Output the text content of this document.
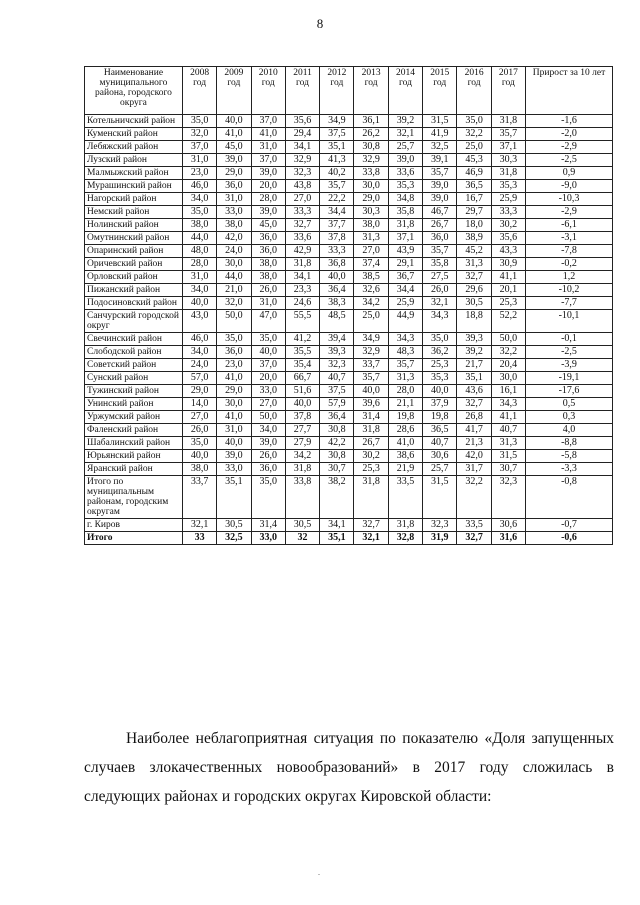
8
Наименование муниципального района, городского округа	2008 год	2009 год	2010 год	2011 год	2012 год	2013 год	2014 год	2015 год	2016 год	2017 год	Прирост за 10 лет
Котельничский район	35,0	40,0	37,0	35,6	34,9	36,1	39,2	31,5	35,0	31,8	-1,6
Куменский район	32,0	41,0	41,0	29,4	37,5	26,2	32,1	41,9	32,2	35,7	-2,0
Лебяжский район	37,0	45,0	31,0	34,1	35,1	30,8	25,7	32,5	25,0	37,1	-2,9
Лузский район	31,0	39,0	37,0	32,9	41,3	32,9	39,0	39,1	45,3	30,3	-2,5
Малмыжский район	23,0	29,0	39,0	32,3	40,2	33,8	33,6	35,7	46,9	31,8	0,9
Мурашинский район	46,0	36,0	20,0	43,8	35,7	30,0	35,3	39,0	36,5	35,3	-9,0
Нагорский район	34,0	31,0	28,0	27,0	22,2	29,0	34,8	39,0	16,7	25,9	-10,3
Немский район	35,0	33,0	39,0	33,3	34,4	30,3	35,8	46,7	29,7	33,3	-2,9
Нолинский район	38,0	38,0	45,0	32,7	37,7	38,0	31,8	26,7	18,0	30,2	-6,1
Омутнинский район	44,0	42,0	36,0	33,6	37,8	31,3	37,1	36,0	38,9	35,6	-3,1
Опаринский район	48,0	24,0	36,0	42,9	33,3	27,0	43,9	35,7	45,2	43,3	-7,8
Оричевский район	28,0	30,0	38,0	31,8	36,8	37,4	29,1	35,8	31,3	30,9	-0,2
Орловский район	31,0	44,0	38,0	34,1	40,0	38,5	36,7	27,5	32,7	41,1	1,2
Пижанский район	34,0	21,0	26,0	23,3	36,4	32,6	34,4	26,0	29,6	20,1	-10,2
Подосиновский район	40,0	32,0	31,0	24,6	38,3	34,2	25,9	32,1	30,5	25,3	-7,7
Санчурский городской округ	43,0	50,0	47,0	55,5	48,5	25,0	44,9	34,3	18,8	52,2	-10,1
Свечинский район	46,0	35,0	35,0	41,2	39,4	34,9	34,3	35,0	39,3	50,0	-0,1
Слободской район	34,0	36,0	40,0	35,5	39,3	32,9	48,3	36,2	39,2	32,2	-2,5
Советский район	24,0	23,0	37,0	35,4	32,3	33,7	35,7	25,3	21,7	20,4	-3,9
Сунский район	57,0	41,0	20,0	66,7	40,7	35,7	31,3	35,3	35,1	30,0	-19,1
Тужинский район	29,0	29,0	33,0	51,6	37,5	40,0	28,0	40,0	43,6	16,1	-17,6
Унинский район	14,0	30,0	27,0	40,0	57,9	39,6	21,1	37,9	32,7	34,3	0,5
Уржумский район	27,0	41,0	50,0	37,8	36,4	31,4	19,8	19,8	26,8	41,1	0,3
Фаленский район	26,0	31,0	34,0	27,7	30,8	31,8	28,6	36,5	41,7	40,7	4,0
Шабалинский район	35,0	40,0	39,0	27,9	42,2	26,7	41,0	40,7	21,3	31,3	-8,8
Юрьянский район	40,0	39,0	26,0	34,2	30,8	30,2	38,6	30,6	42,0	31,5	-5,8
Яранский район	38,0	33,0	36,0	31,8	30,7	25,3	21,9	25,7	31,7	30,7	-3,3
Итого по муниципальным районам, городским округам	33,7	35,1	35,0	33,8	38,2	31,8	33,5	31,5	32,2	32,3	-0,8
г. Киров	32,1	30,5	31,4	30,5	34,1	32,7	31,8	32,3	33,5	30,6	-0,7
Итого	33	32,5	33,0	32	35,1	32,1	32,8	31,9	32,7	31,6	-0,6
Наиболее неблагоприятная ситуация по показателю «Доля запущенных случаев злокачественных новообразований» в 2017 году сложилась в следующих районах и городских округах Кировской области:
.
